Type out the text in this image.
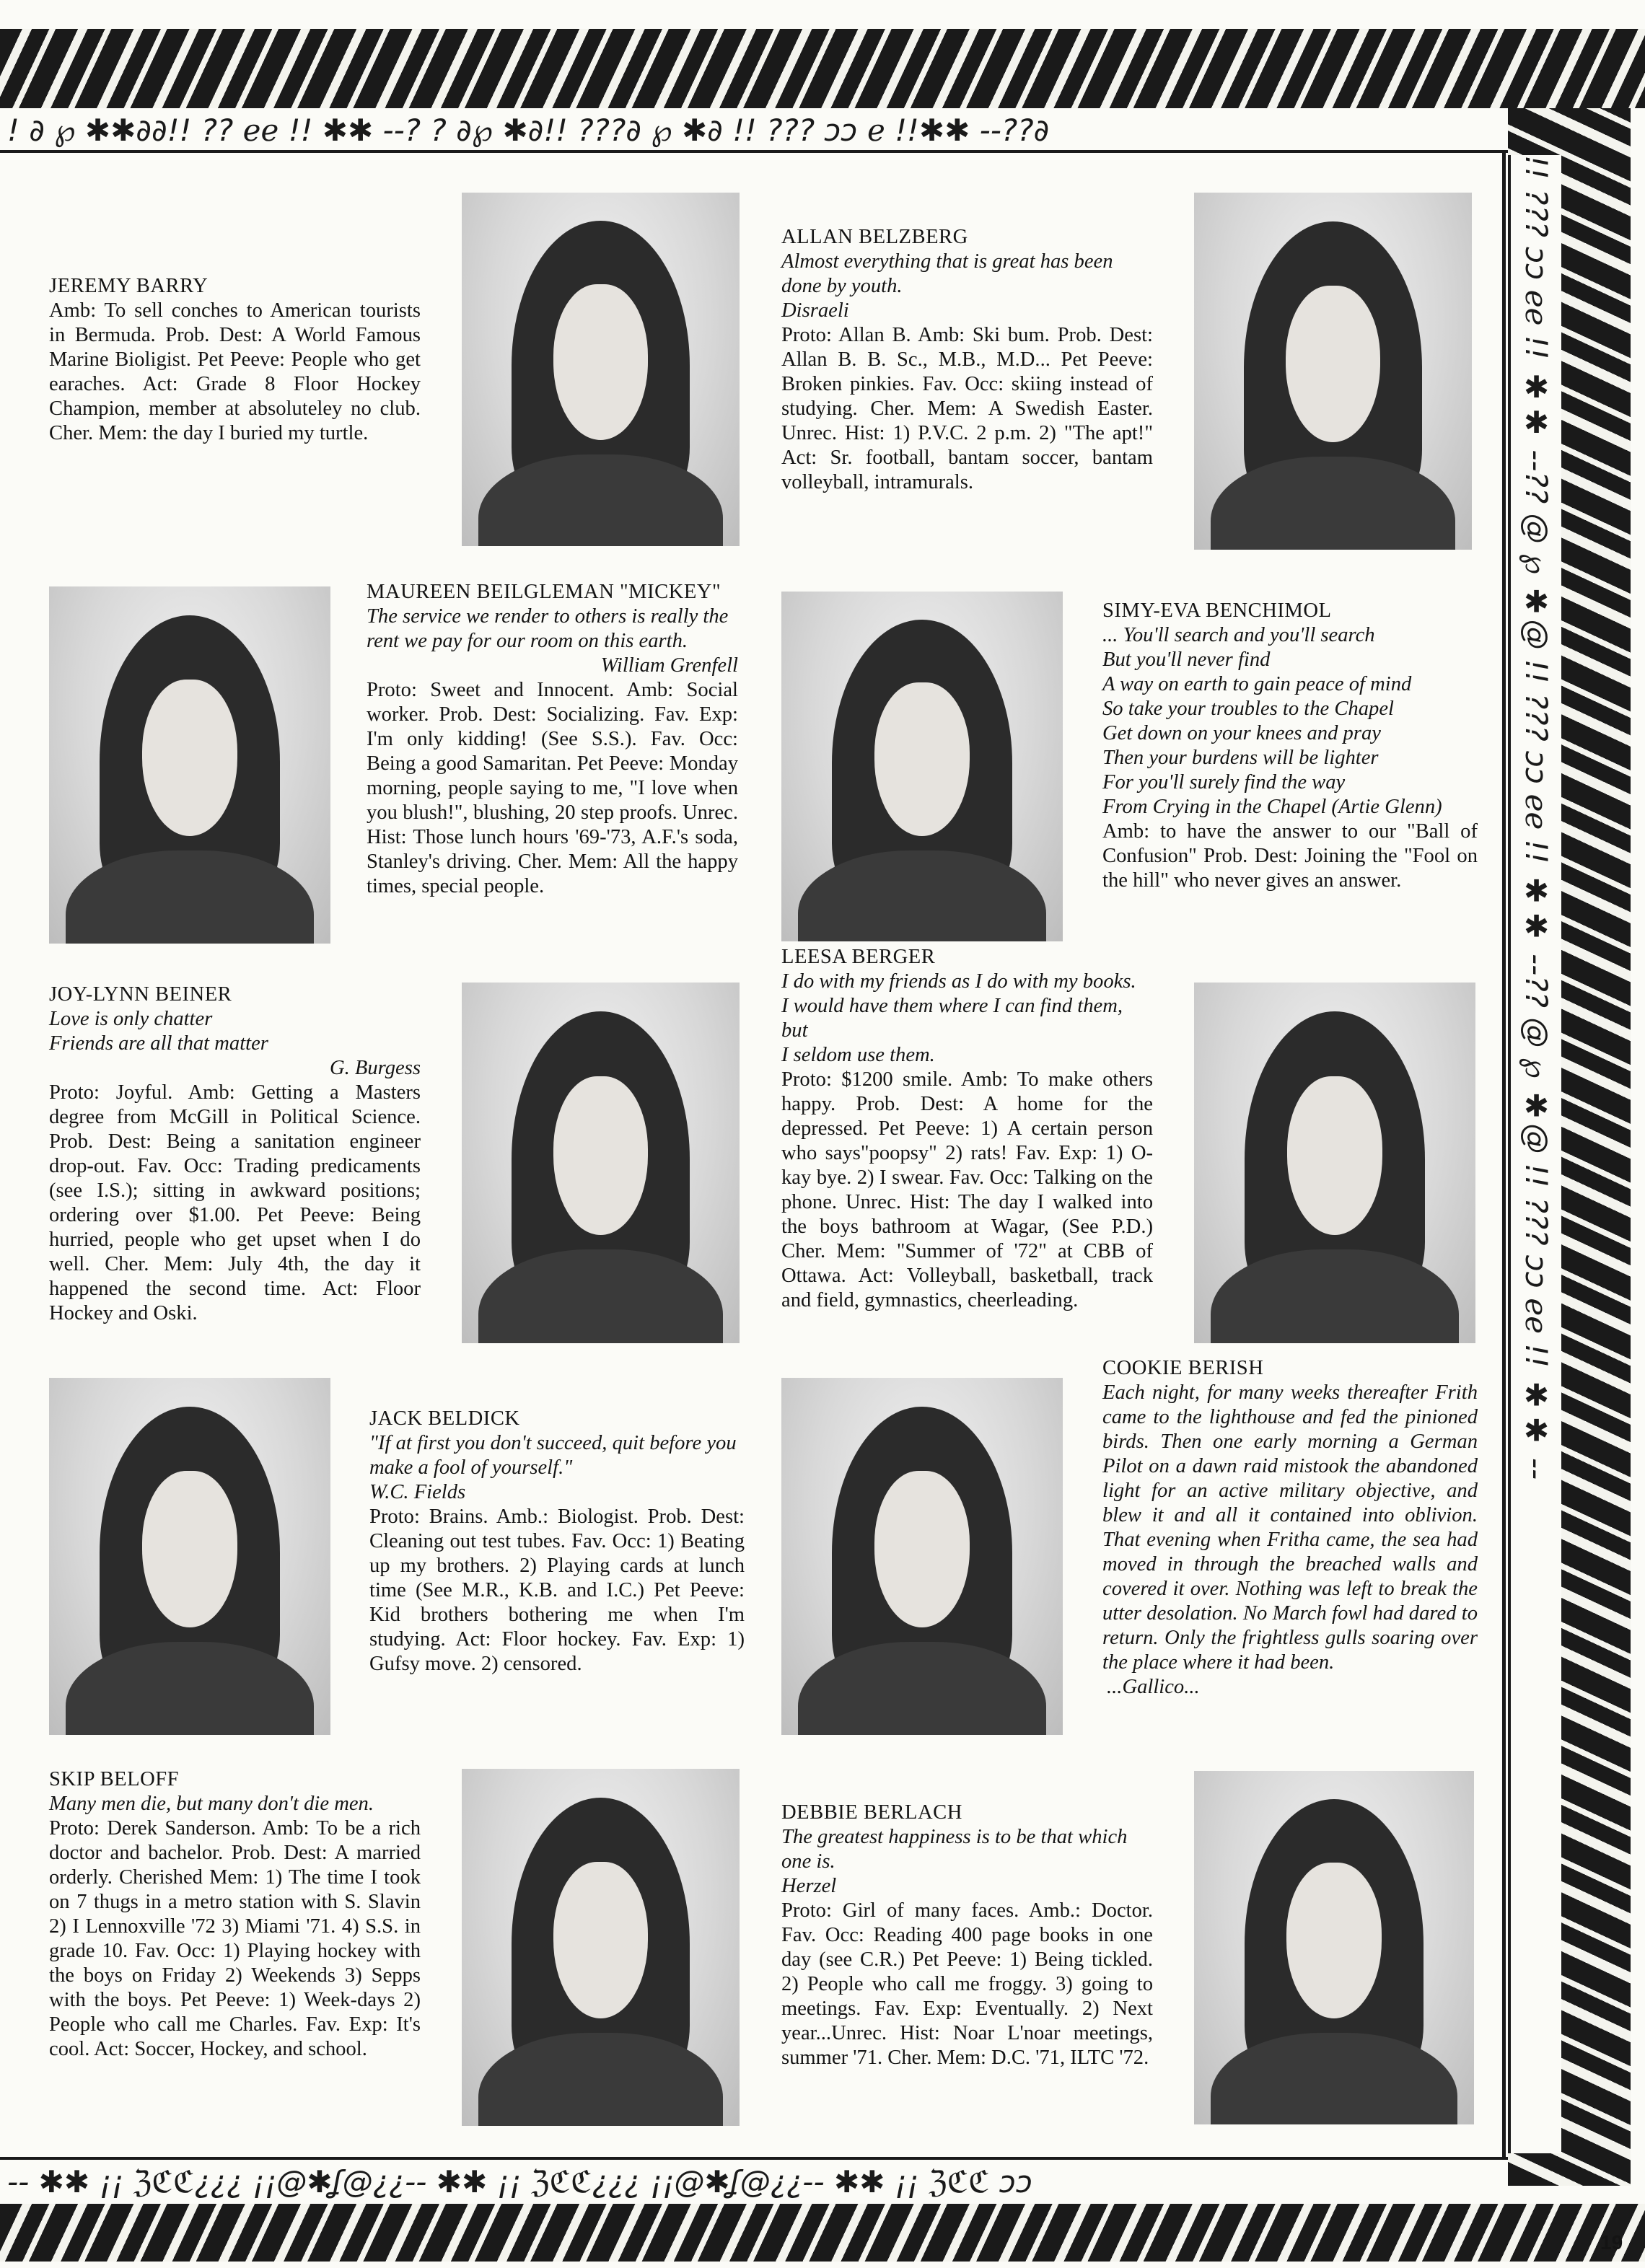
! ∂ ℘ ✱✱∂∂!! ?? ℯℯ !! ✱✱ --? ? ∂℘ ✱∂!! ???∂ ℘ ✱∂ !! ??? ɔɔ ℯ !!✱✱ --??∂
!! ??? ɔɔ ℯℯ !! ✱✱ --?? @ ℘ ✱@ !! ??? ɔɔ ℯℯ !! ✱✱ --?? @ ℘ ✱@ !! ??? ɔɔ ℯℯ !! ✱✱ --
-- ✱✱ ¡¡ ℨℭℭ¿¿¿ ¡¡@✱ʆ@¿¿-- ✱✱ ¡¡ ℨℭℭ¿¿¿ ¡¡@✱ʆ@¿¿-- ✱✱ ¡¡ ℨℭℭ ɔɔ
JEREMY BARRY
Amb: To sell conches to American tourists in Bermuda. Prob. Dest: A World Famous Marine Bioligist. Pet Peeve: People who get earaches. Act: Grade 8 Floor Hockey Champion, member at absoluteley no club. Cher. Mem: the day I buried my turtle.
ALLAN BELZBERG
Almost everything that is great has been done by youth.
Disraeli
Proto: Allan B. Amb: Ski bum. Prob. Dest: Allan B. B. Sc., M.B., M.D... Pet Peeve: Broken pinkies. Fav. Occ: skiing instead of studying. Cher. Mem: A Swedish Easter. Unrec. Hist: 1) P.V.C. 2 p.m. 2) "The apt!" Act: Sr. football, bantam soccer, bantam volleyball, intramurals.
MAUREEN BEILGLEMAN "MICKEY"
The service we render to others is really the rent we pay for our room on this earth.
William Grenfell
Proto: Sweet and Innocent. Amb: Social worker. Prob. Dest: Socializing. Fav. Exp: I'm only kidding! (See S.S.). Fav. Occ: Being a good Samaritan. Pet Peeve: Monday morning, people saying to me, "I love when you blush!", blushing, 20 step proofs. Unrec. Hist: Those lunch hours '69-'73, A.F.'s soda, Stanley's driving. Cher. Mem: All the happy times, special people.
SIMY-EVA BENCHIMOL
... You'll search and you'll search
But you'll never find
A way on earth to gain peace of mind
So take your troubles to the Chapel
Get down on your knees and pray
Then your burdens will be lighter
For you'll surely find the way
From Crying in the Chapel (Artie Glenn)
Amb: to have the answer to our "Ball of Confusion" Prob. Dest: Joining the "Fool on the hill" who never gives an answer.
JOY-LYNN BEINER
Love is only chatter
Friends are all that matter
G. Burgess
Proto: Joyful. Amb: Getting a Masters degree from McGill in Political Science. Prob. Dest: Being a sanitation engineer drop-out. Fav. Occ: Trading predicaments (see I.S.); sitting in awkward positions; ordering over $1.00. Pet Peeve: Being hurried, people who get upset when I do well. Cher. Mem: July 4th, the day it happened the second time. Act: Floor Hockey and Oski.
LEESA BERGER
I do with my friends as I do with my books.
I would have them where I can find them, but
I seldom use them.
Proto: $1200 smile. Amb: To make others happy. Prob. Dest: A home for the depressed. Pet Peeve: 1) A certain person who says"poopsy" 2) rats! Fav. Exp: 1) O-kay bye. 2) I swear. Fav. Occ: Talking on the phone. Unrec. Hist: The day I walked into the boys bathroom at Wagar, (See P.D.) Cher. Mem: "Summer of '72" at CBB of Ottawa. Act: Volleyball, basketball, track and field, gymnastics, cheerleading.
JACK BELDICK
"If at first you don't succeed, quit before you make a fool of yourself."
W.C. Fields
Proto: Brains. Amb.: Biologist. Prob. Dest: Cleaning out test tubes. Fav. Occ: 1) Beating up my brothers. 2) Playing cards at lunch time (See M.R., K.B. and I.C.) Pet Peeve: Kid brothers bothering me when I'm studying. Act: Floor hockey. Fav. Exp: 1) Gufsy move. 2) censored.
COOKIE BERISH
Each night, for many weeks thereafter Frith came to the lighthouse and fed the pinioned birds. Then one early morning a German Pilot on a dawn raid mistook the abandoned light for an active military objective, and blew it and all it contained into oblivion. That evening when Fritha came, the sea had moved in through the breached walls and covered it over. Nothing was left to break the utter desolation. No March fowl had dared to return. Only the frightless gulls soaring over the place where it had been.
...Gallico...
SKIP BELOFF
Many men die, but many don't die men.
Proto: Derek Sanderson. Amb: To be a rich doctor and bachelor. Prob. Dest: A married orderly. Cherished Mem: 1) The time I took on 7 thugs in a metro station with S. Slavin 2) I Lennoxville '72 3) Miami '71. 4) S.S. in grade 10. Fav. Occ: 1) Playing hockey with the boys on Friday 2) Weekends 3) Sepps with the boys. Pet Peeve: 1) Week-days 2) People who call me Charles. Fav. Exp: It's cool. Act: Soccer, Hockey, and school.
DEBBIE BERLACH
The greatest happiness is to be that which one is.
Herzel
Proto: Girl of many faces. Amb.: Doctor. Fav. Occ: Reading 400 page books in one day (see C.R.) Pet Peeve: 1) Being tickled. 2) People who call me froggy. 3) going to meetings. Fav. Exp: Eventually. 2) Next year...Unrec. Hist: Noar L'noar meetings, summer '71. Cher. Mem: D.C. '71, ILTC '72.
19
